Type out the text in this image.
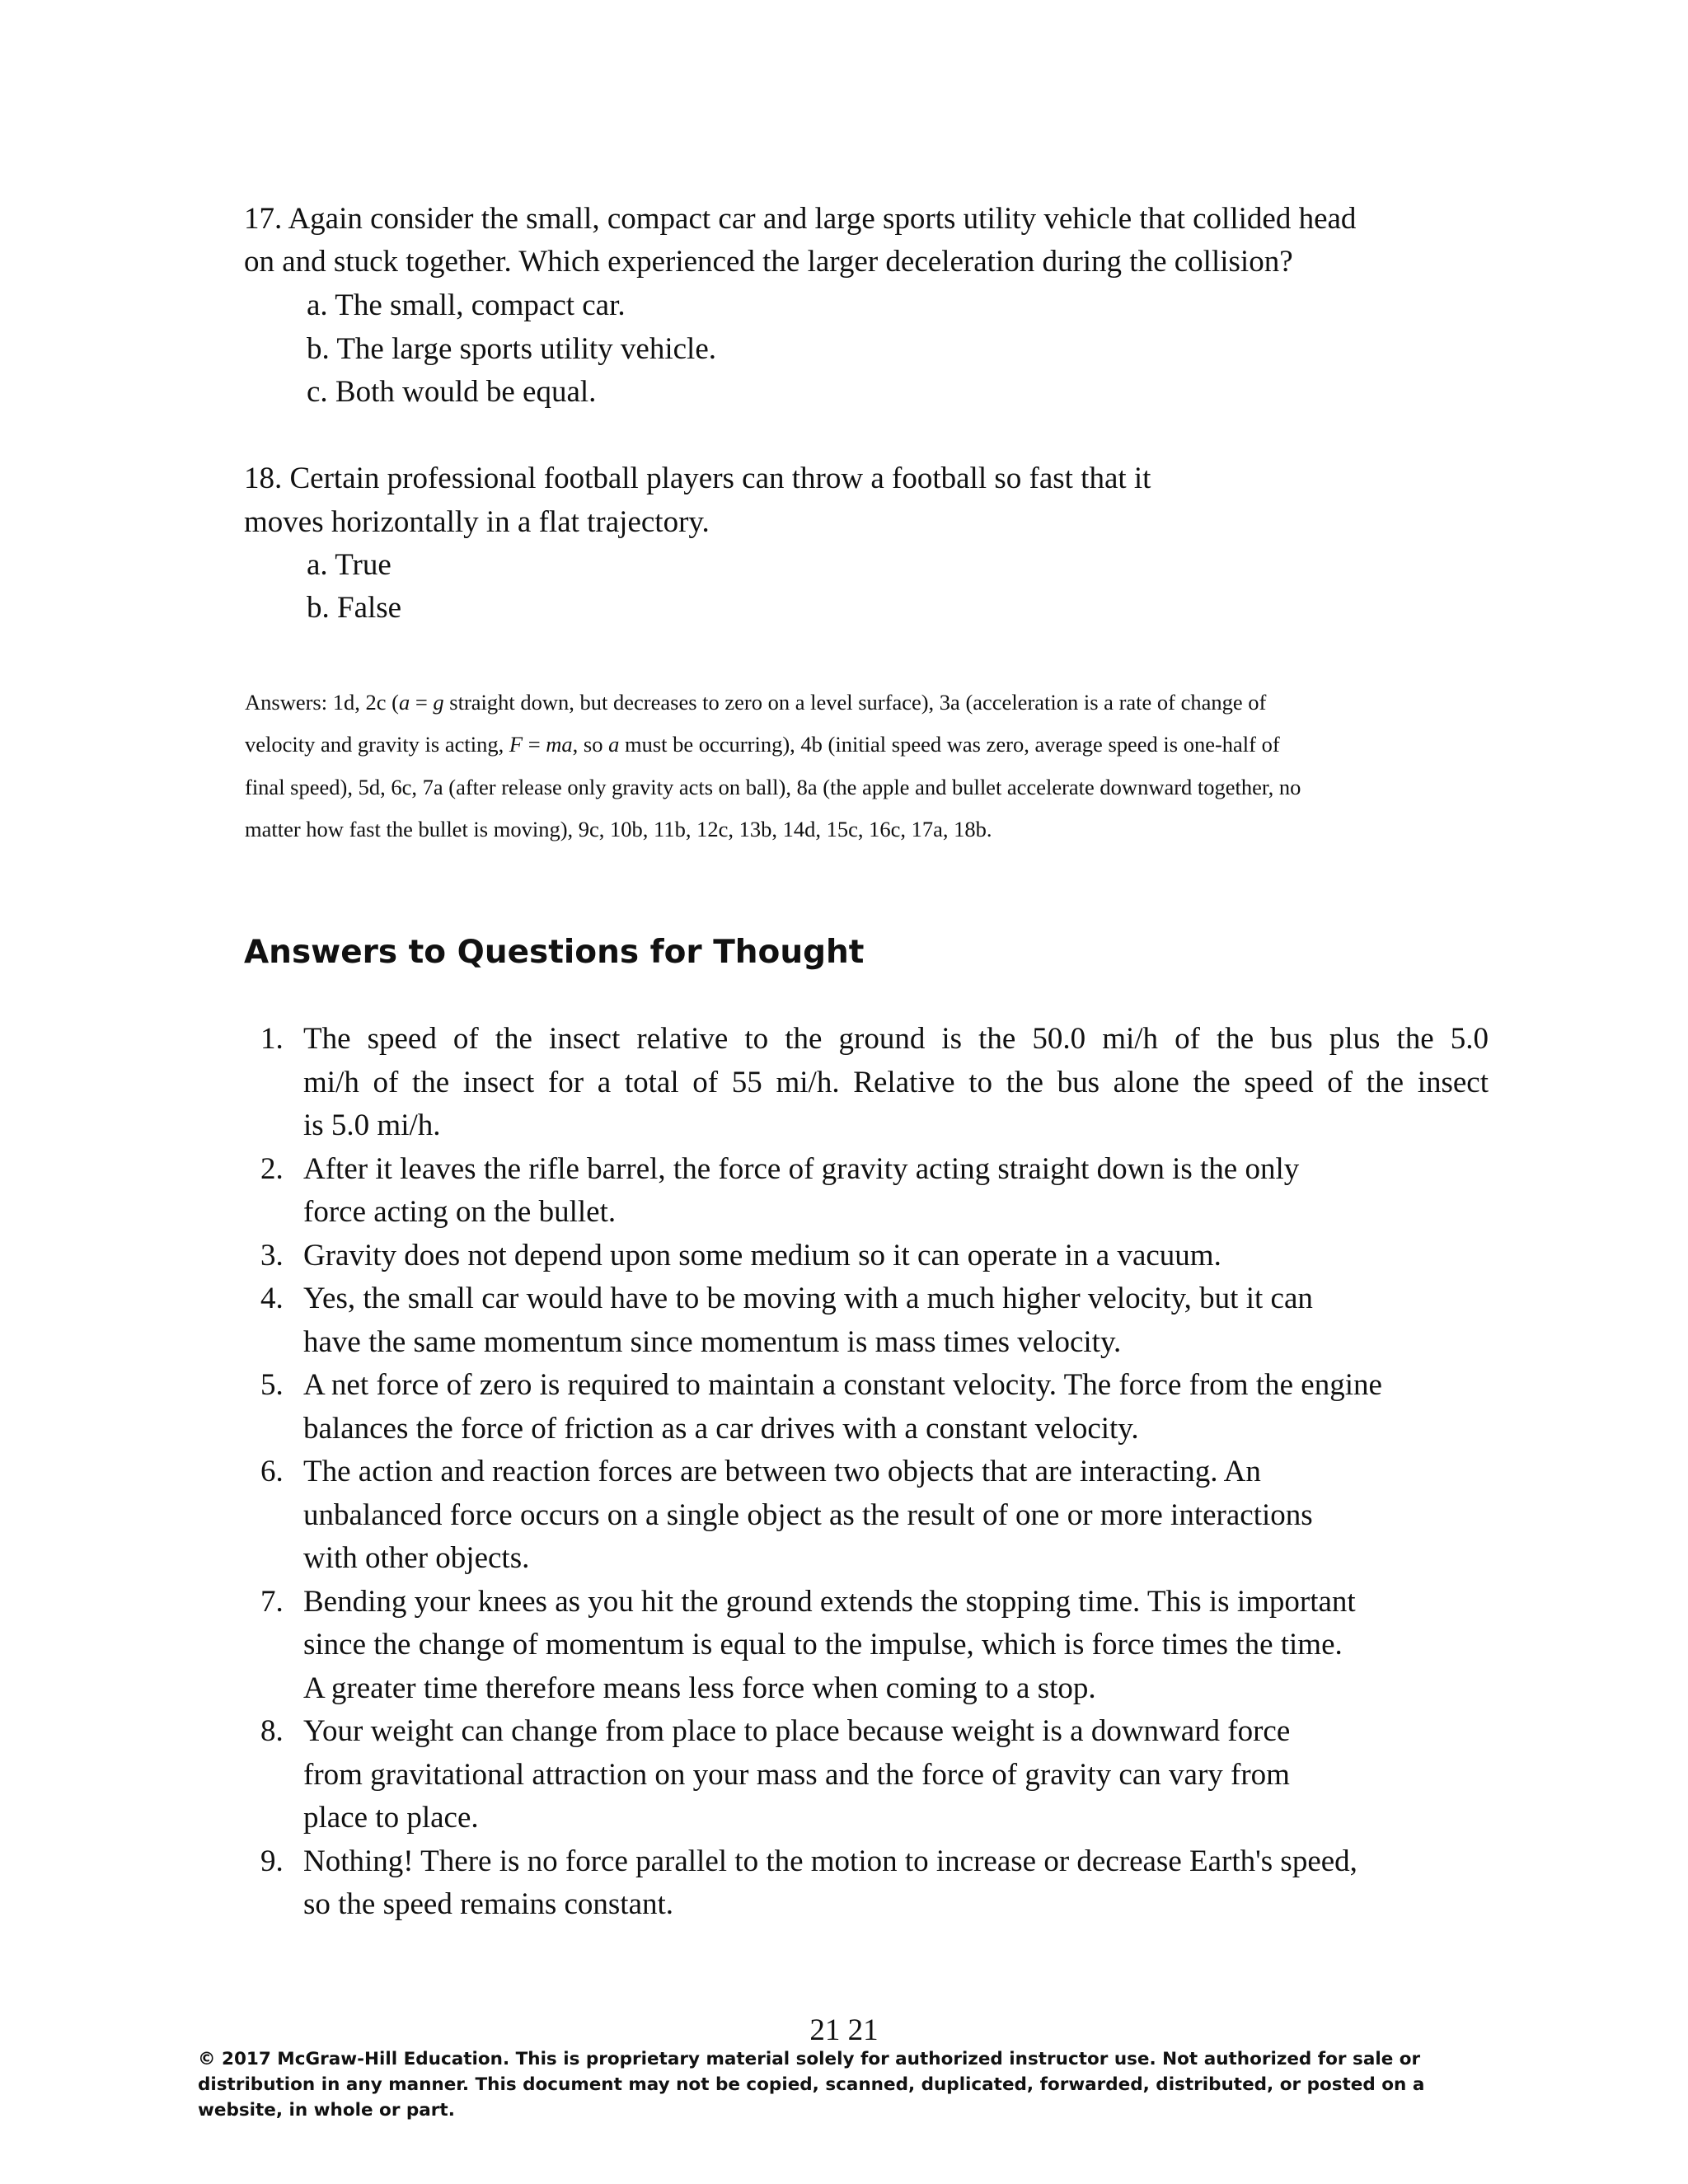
17. Again consider the small, compact car and large sports utility vehicle that collided head
on and stuck together. Which experienced the larger deceleration during the collision?
a. The small, compact car.
b. The large sports utility vehicle.
c. Both would be equal.
18. Certain professional football players can throw a football so fast that it
moves horizontally in a flat trajectory.
a. True
b. False
Answers: 1d, 2c (a = g straight down, but decreases to zero on a level surface), 3a (acceleration is a rate of change of
velocity and gravity is acting, F = ma, so a must be occurring), 4b (initial speed was zero, average speed is one-half of
final speed), 5d, 6c, 7a (after release only gravity acts on ball), 8a (the apple and bullet accelerate downward together, no
matter how fast the bullet is moving), 9c, 10b, 11b, 12c, 13b, 14d, 15c, 16c, 17a, 18b.
Answers to Questions for Thought
1. The speed of the insect relative to the ground is the 50.0 mi/h of the bus plus the 5.0
mi/h of the insect for a total of 55 mi/h. Relative to the bus alone the speed of the insect
is 5.0 mi/h.
2. After it leaves the rifle barrel, the force of gravity acting straight down is the only
force acting on the bullet.
3. Gravity does not depend upon some medium so it can operate in a vacuum.
4. Yes, the small car would have to be moving with a much higher velocity, but it can
have the same momentum since momentum is mass times velocity.
5. A net force of zero is required to maintain a constant velocity. The force from the engine
balances the force of friction as a car drives with a constant velocity.
6. The action and reaction forces are between two objects that are interacting. An
unbalanced force occurs on a single object as the result of one or more interactions
with other objects.
7. Bending your knees as you hit the ground extends the stopping time. This is important
since the change of momentum is equal to the impulse, which is force times the time.
A greater time therefore means less force when coming to a stop.
8. Your weight can change from place to place because weight is a downward force
from gravitational attraction on your mass and the force of gravity can vary from
place to place.
9. Nothing! There is no force parallel to the motion to increase or decrease Earth's speed,
so the speed remains constant.
21 21
© 2017 McGraw-Hill Education. This is proprietary material solely for authorized instructor use. Not authorized for sale or
distribution in any manner. This document may not be copied, scanned, duplicated, forwarded, distributed, or posted on a
website, in whole or part.
